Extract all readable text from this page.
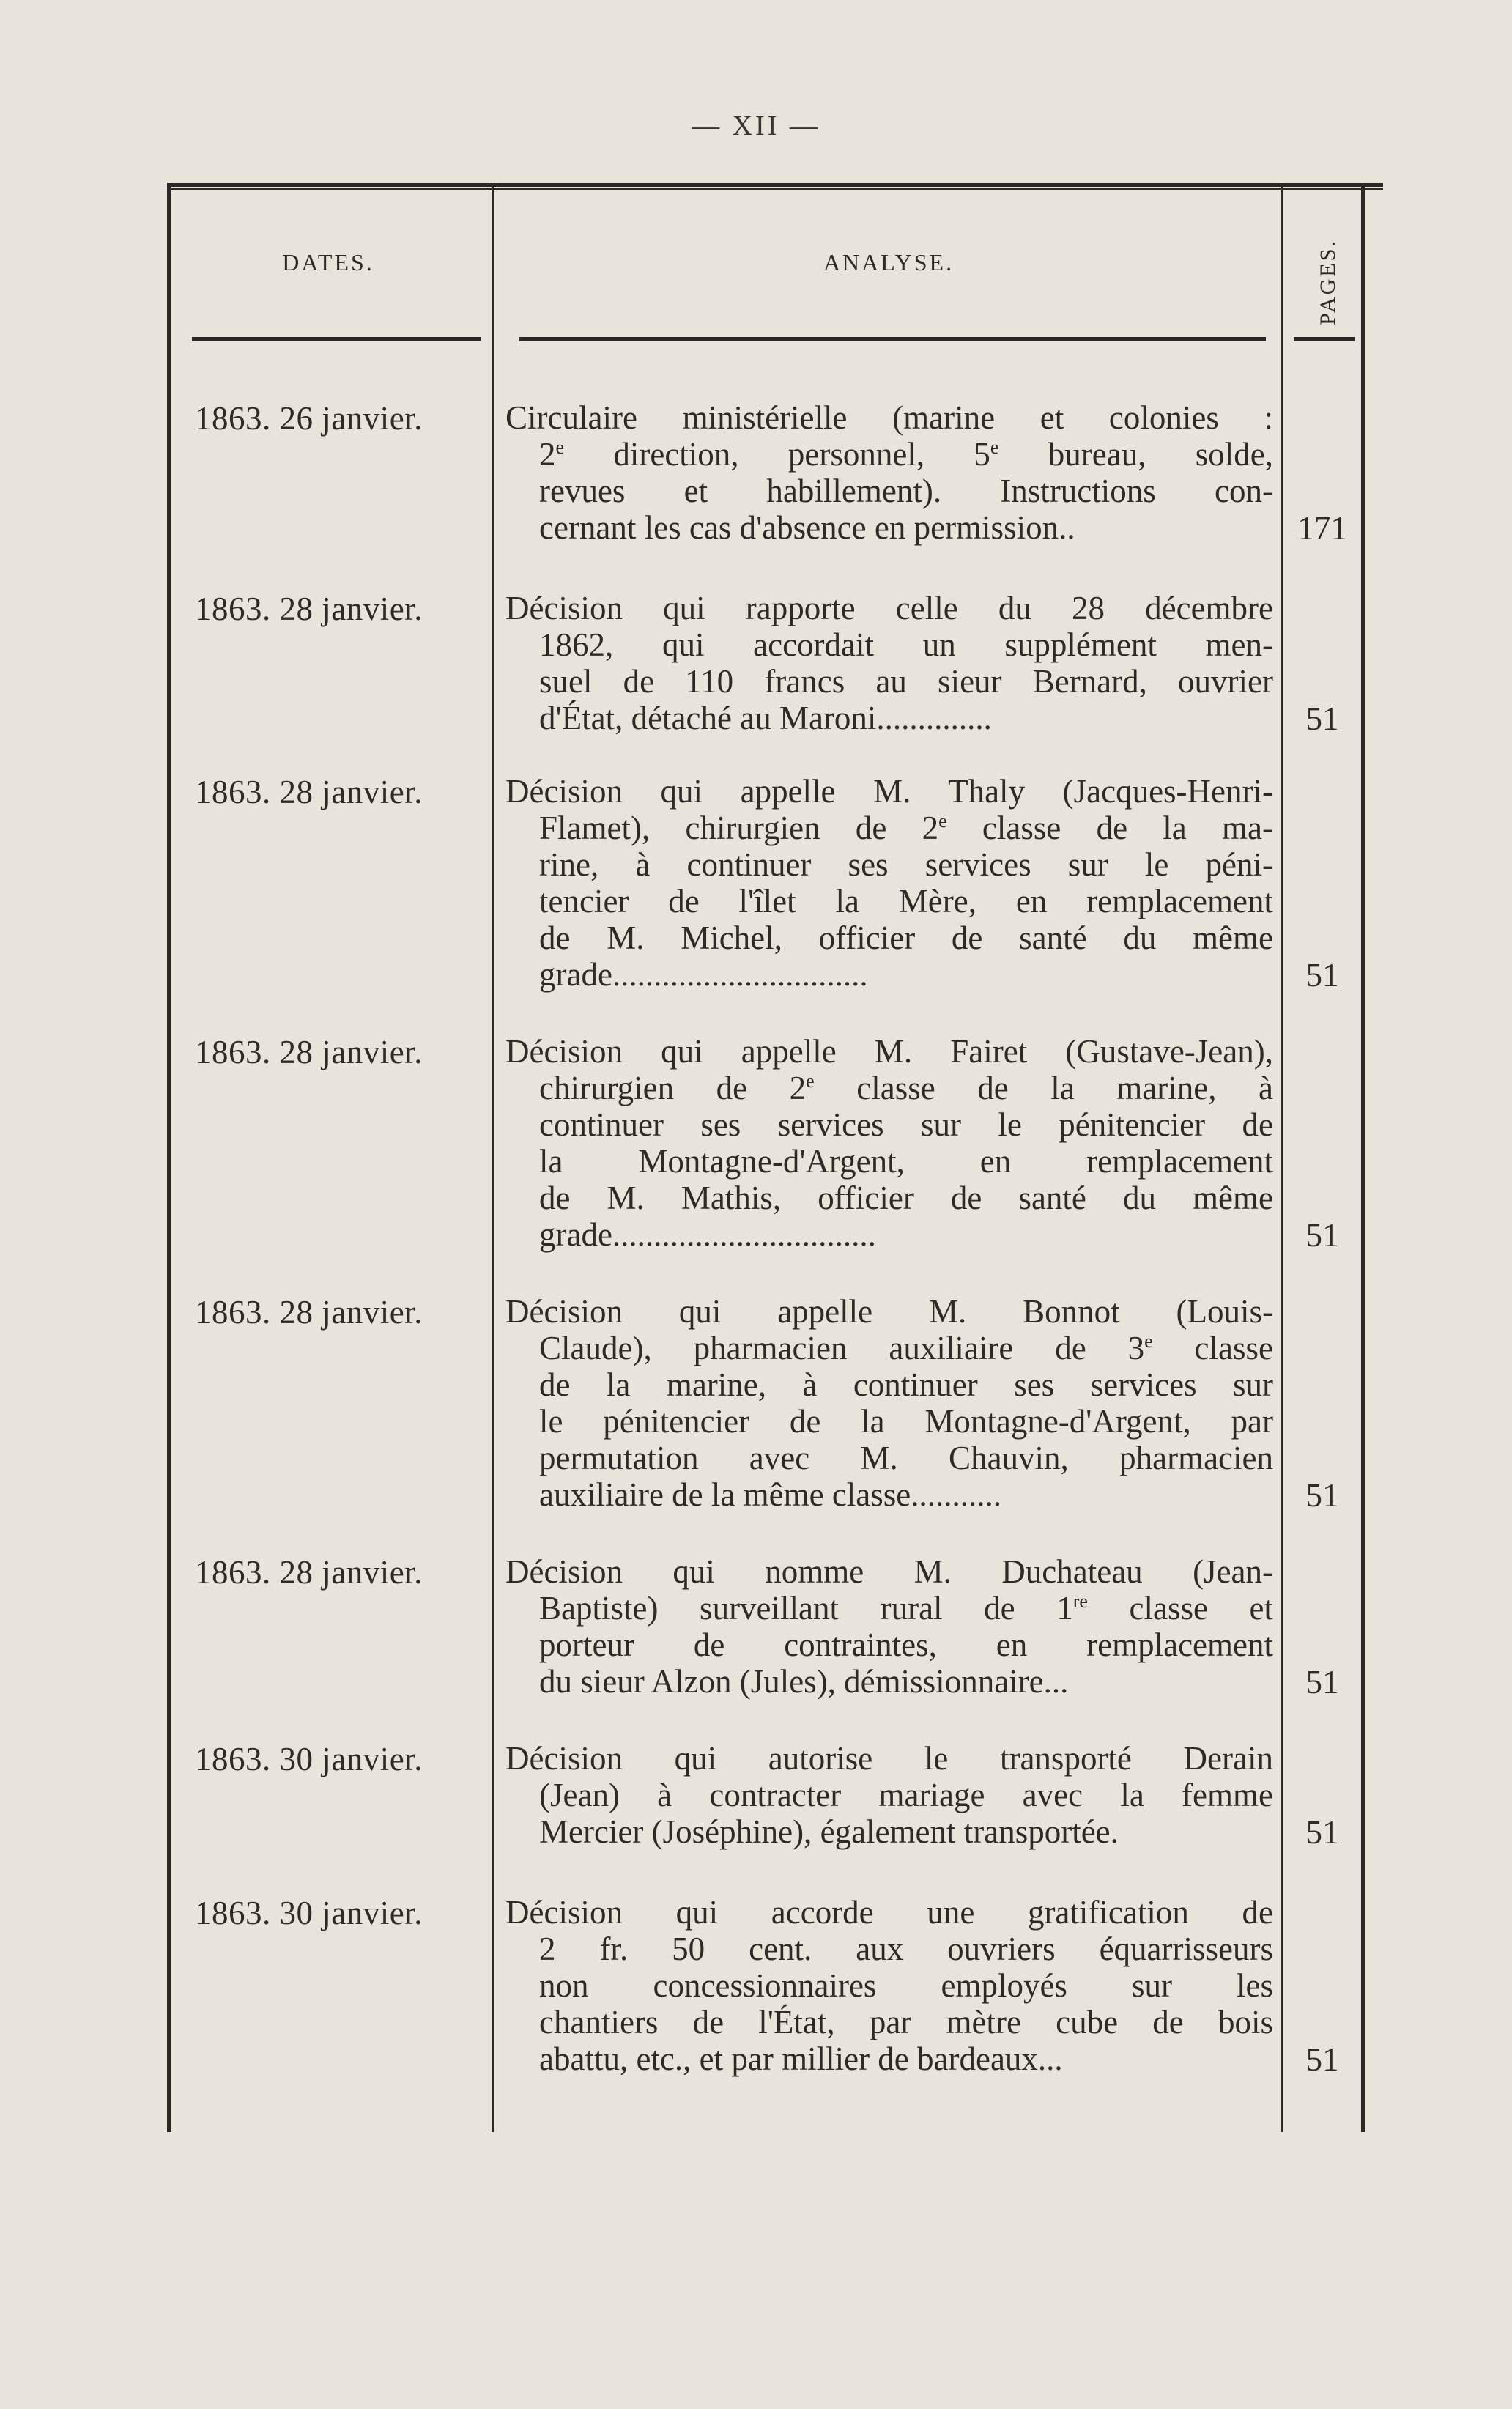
— XII —
DATES.	ANALYSE.	PAGES.
1863. 26 janvier.	Circulaire ministérielle (marine et colonies :
2e direction, personnel, 5e bureau, solde,
revues et habillement). Instructions con-
cernant les cas d'absence en permission..	171
1863. 28 janvier.	Décision qui rapporte celle du 28 décembre
1862, qui accordait un supplément men-
suel de 110 francs au sieur Bernard, ouvrier
d'État, détaché au Maroni..............	51
1863. 28 janvier.	Décision qui appelle M. Thaly (Jacques-Henri-
Flamet), chirurgien de 2e classe de la ma-
rine, à continuer ses services sur le péni-
tencier de l'îlet la Mère, en remplacement
de M. Michel, officier de santé du même
grade...............................	51
1863. 28 janvier.	Décision qui appelle M. Fairet (Gustave-Jean),
chirurgien de 2e classe de la marine, à
continuer ses services sur le pénitencier de
la Montagne-d'Argent, en remplacement
de M. Mathis, officier de santé du même
grade................................	51
1863. 28 janvier.	Décision qui appelle M. Bonnot (Louis-
Claude), pharmacien auxiliaire de 3e classe
de la marine, à continuer ses services sur
le pénitencier de la Montagne-d'Argent, par
permutation avec M. Chauvin, pharmacien
auxiliaire de la même classe...........	51
1863. 28 janvier.	Décision qui nomme M. Duchateau (Jean-
Baptiste) surveillant rural de 1re classe et
porteur de contraintes, en remplacement
du sieur Alzon (Jules), démissionnaire...	51
1863. 30 janvier.	Décision qui autorise le transporté Derain
(Jean) à contracter mariage avec la femme
Mercier (Joséphine), également transportée.	51
1863. 30 janvier.	Décision qui accorde une gratification de
2 fr. 50 cent. aux ouvriers équarrisseurs
non concessionnaires employés sur les
chantiers de l'État, par mètre cube de bois
abattu, etc., et par millier de bardeaux...	51
